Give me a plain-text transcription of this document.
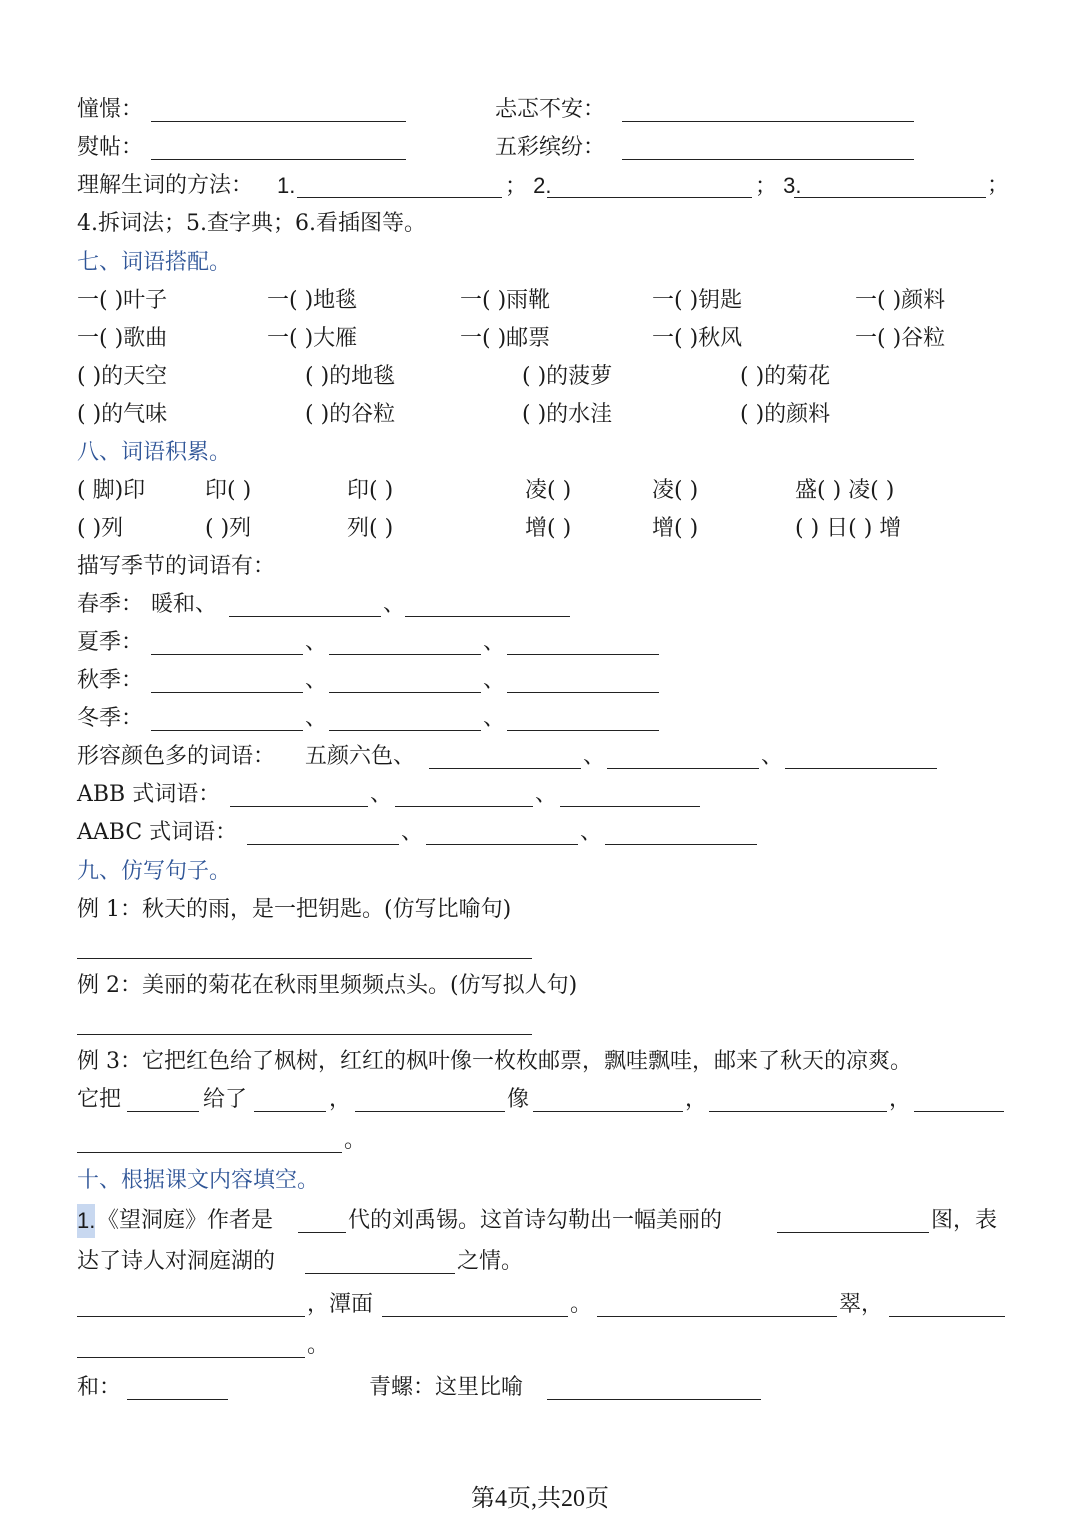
憧憬：	忐忑不安：
熨帖：	五彩缤纷：
理解生词的方法： 1.	； 2.	； 3.	；
4.拆词法；5.查字典；6.看插图等。
七、词语搭配。
一( )叶子	一( )地毯	一( )雨靴	一( )钥匙	一( )颜料
一( )歌曲	一( )大雁	一( )邮票	一( )秋风	一( )谷粒
( )的天空	( )的地毯	( )的菠萝	( )的菊花
( )的气味	( )的谷粒	( )的水洼	( )的颜料
八、词语积累。
( 脚)印	印( )	印( )	凌( )	凌( )	盛( ) 凌( )
( )列	( )列	列( )	增( )	增( )	( ) 日( ) 增
描写季节的词语有：
春季： 暖和、	、
夏季：	、	、
秋季：	、	、
冬季：	、	、
形容颜色多的词语： 五颜六色、	、	、
ABB 式词语：	、	、
AABC 式词语：	、	、
九、仿写句子。
例 1：秋天的雨，是一把钥匙。(仿写比喻句)
例 2：美丽的菊花在秋雨里频频点头。(仿写拟人句)
例 3：它把红色给了枫树，红红的枫叶像一枚枚邮票，飘哇飘哇，邮来了秋天的凉爽。
它把	给了	，	像	，	，
。
十、根据课文内容填空。
1. 《望洞庭》作者是	代的刘禹锡。这首诗勾勒出一幅美丽的	图，表
达了诗人对洞庭湖的	之情。
，潭面	。	翠，
。
和：	青螺：这里比喻
第4页,共20页
